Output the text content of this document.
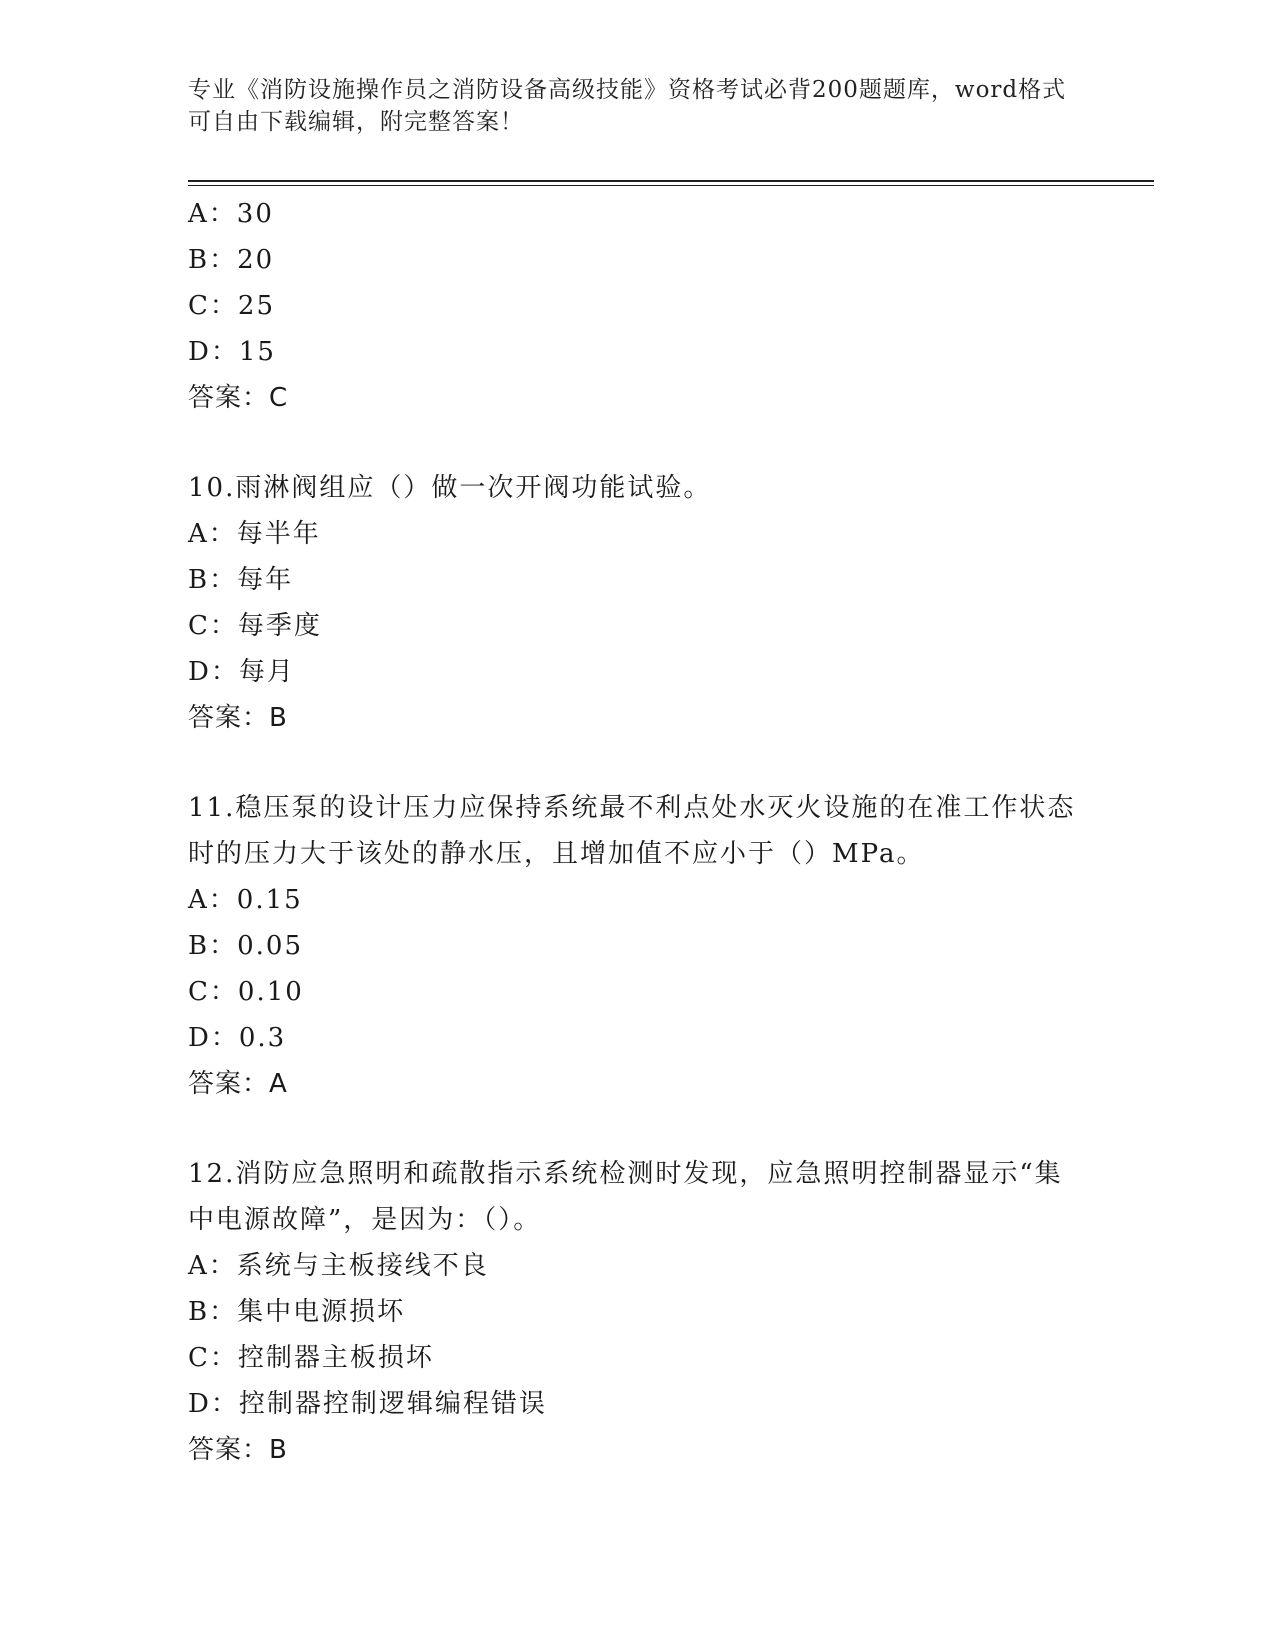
专业《消防设施操作员之消防设备高级技能》资格考试必背200题题库，word格式可自由下载编辑，附完整答案！
A：30
B：20
C：25
D：15
答案：C
10.雨淋阀组应（）做一次开阀功能试验。
A：每半年
B：每年
C：每季度
D：每月
答案：B
11.稳压泵的设计压力应保持系统最不利点处水灭火设施的在准工作状态时的压力大于该处的静水压，且增加值不应小于（）MPa。
A：0.15
B：0.05
C：0.10
D：0.3
答案：A
12.消防应急照明和疏散指示系统检测时发现，应急照明控制器显示“集中电源故障”，是因为：（）。
A：系统与主板接线不良
B：集中电源损坏
C：控制器主板损坏
D：控制器控制逻辑编程错误
答案：B
